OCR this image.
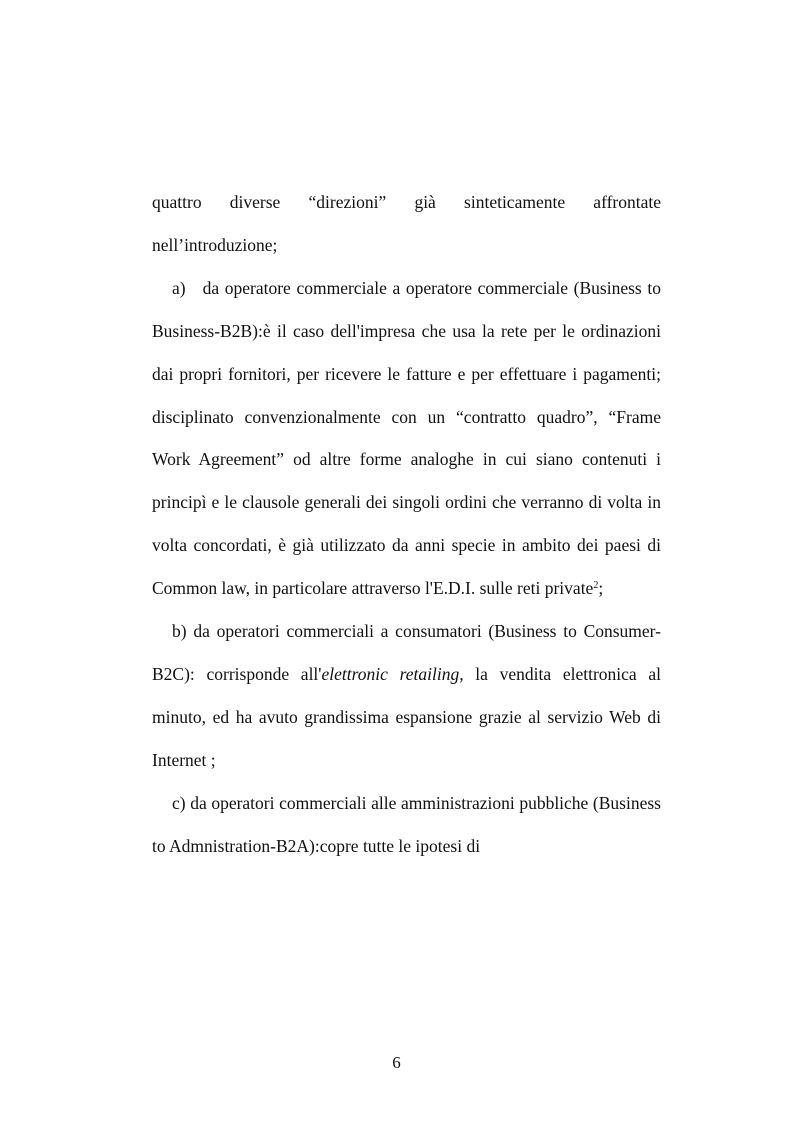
quattro diverse “direzioni” già sinteticamente affrontate nell’introduzione;

a)   da operatore commerciale a operatore commerciale (Business to Business-B2B):è il caso dell'impresa che usa la rete per le ordinazioni dai propri fornitori, per ricevere le fatture e per effettuare i pagamenti; disciplinato convenzionalmente con un “contratto quadro”, “Frame Work Agreement” od altre forme analoghe in cui siano contenuti i principì e le clausole generali dei singoli ordini che verranno di volta in volta concordati, è già utilizzato da anni specie in ambito dei paesi di Common law, in particolare attraverso l'E.D.I. sulle reti private$^2$;

b) da operatori commerciali a consumatori (Business to Consumer-B2C): corrisponde all'elettronic retailing, la vendita elettronica al minuto, ed ha avuto grandissima espansione grazie al servizio Web di Internet ;

c) da operatori commerciali alle amministrazioni pubbliche (Business to Admnistration-B2A):copre tutte le ipotesi di

6
